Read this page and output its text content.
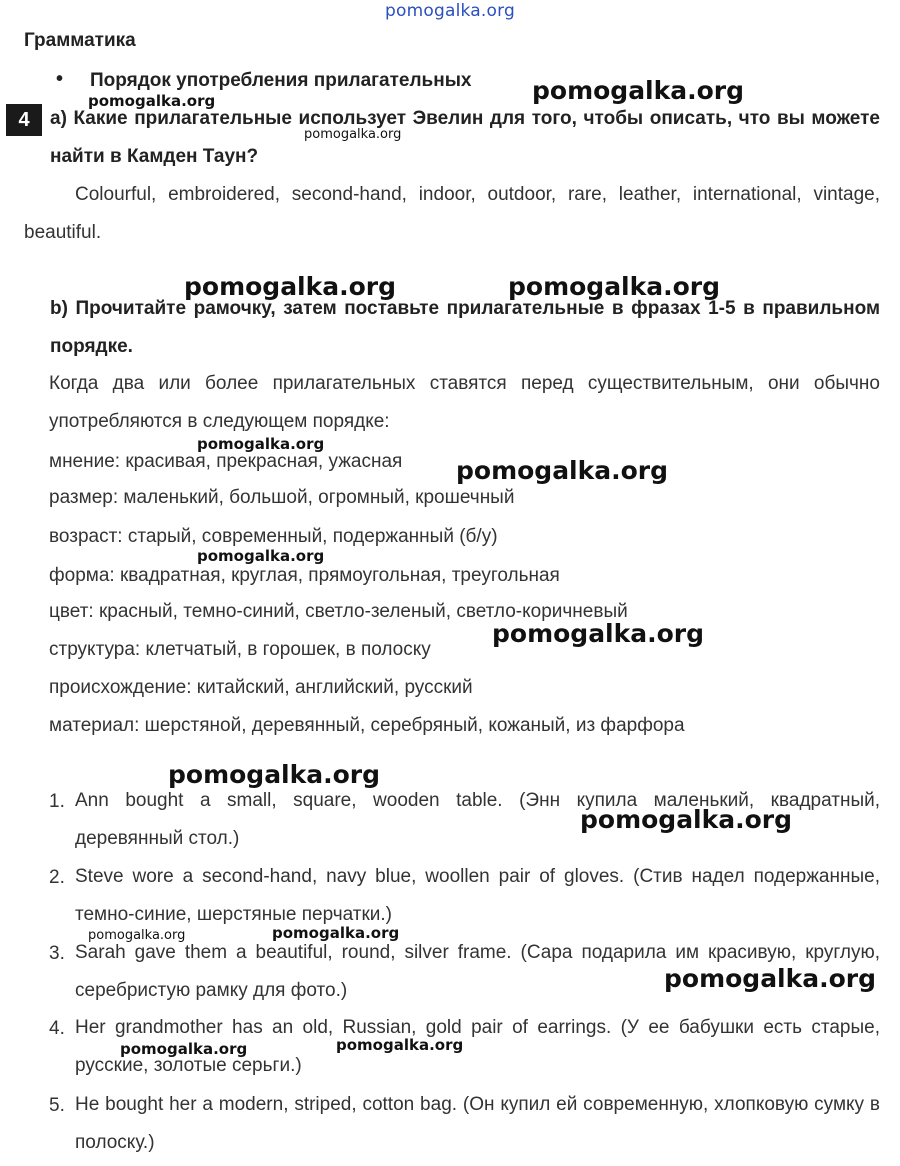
pomogalka.org
Грамматика
• Порядок употребления прилагательных
4	a) Какие прилагательные использует Эвелин для того, чтобы описать, что вы можете найти в Камден Таун?
Colourful, embroidered, second-hand, indoor, outdoor, rare, leather, international, vintage, beautiful.
b) Прочитайте рамочку, затем поставьте прилагательные в фразах 1-5 в правильном порядке.
Когда два или более прилагательных ставятся перед существительным, они обычно употребляются в следующем порядке:
мнение: красивая, прекрасная, ужасная
размер: маленький, большой, огромный, крошечный
возраст: старый, современный, подержанный (б/у)
форма: квадратная, круглая, прямоугольная, треугольная
цвет: красный, темно-синий, светло-зеленый, светло-коричневый
структура: клетчатый, в горошек, в полоску
происхождение: китайский, английский, русский
материал: шерстяной, деревянный, серебряный, кожаный, из фарфора
1. Ann bought a small, square, wooden table. (Энн купила маленький, квадратный, деревянный стол.)
2. Steve wore a second-hand, navy blue, woollen pair of gloves. (Стив надел подержанные, темно-синие, шерстяные перчатки.)
3. Sarah gave them a beautiful, round, silver frame. (Сара подарила им красивую, круглую, серебристую рамку для фото.)
4. Her grandmother has an old, Russian, gold pair of earrings. (У ее бабушки есть старые, русские, золотые серьги.)
5. He bought her a modern, striped, cotton bag. (Он купил ей современную, хлопковую сумку в полоску.)
pomogalka.org
pomogalka.org
pomogalka.org
pomogalka.org	pomogalka.org
pomogalka.org
pomogalka.org
pomogalka.org
pomogalka.org
pomogalka.org
pomogalka.org
pomogalka.org	pomogalka.org
pomogalka.org
pomogalka.org	pomogalka.org
